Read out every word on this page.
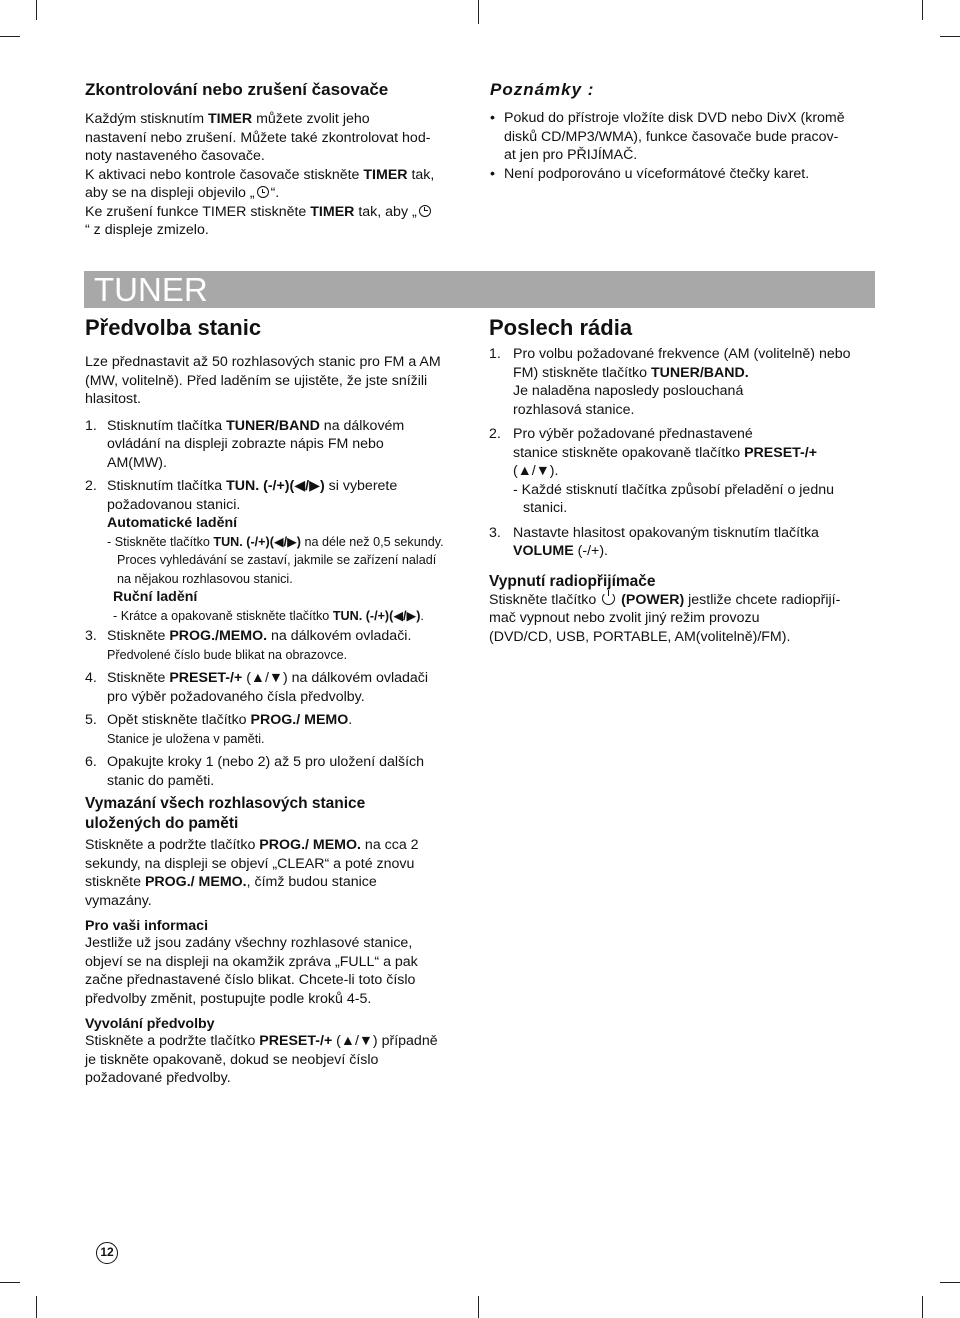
Zkontrolování nebo zrušení časovače

Každým stisknutím TIMER můžete zvolit jeho
nastavení nebo zrušení. Můžete také zkontrolovat hod-
noty nastaveného časovače.
K aktivaci nebo kontrole časovače stiskněte TIMER tak,
aby se na displeji objevilo „ “.
Ke zrušení funkce TIMER stiskněte TIMER tak, aby „
“ z displeje zmizelo.

Poznámky :

• Pokud do přístroje vložíte disk DVD nebo DivX (kromě
disků CD/MP3/WMA), funkce časovače bude pracov-
at jen pro PŘIJÍMAČ.

• Není podporováno u víceformátové čtečky karet.

TUNER

Předvolba stanic

Lze přednastavit až 50 rozhlasových stanic pro FM a AM
(MW, volitelně). Před laděním se ujistěte, že jste snížili
hlasitost.

1. Stisknutím tlačítka TUNER/BAND na dálkovém
ovládání na displeji zobrazte nápis FM nebo
AM(MW).
2. Stisknutím tlačítka TUN. (-/+)(◀/▶) si vyberete
požadovanou stanici.
Automatické ladění
- Stiskněte tlačítko TUN. (-/+)(◀/▶) na déle než 0,5 sekundy.
Proces vyhledávání se zastaví, jakmile se zařízení naladí
na nějakou rozhlasovou stanici.
Ruční ladění
- Krátce a opakovaně stiskněte tlačítko TUN. (-/+)(◀/▶).
3. Stiskněte PROG./MEMO. na dálkovém ovladači.
Předvolené číslo bude blikat na obrazovce.
4. Stiskněte PRESET-/+ (▲/▼) na dálkovém ovladači
pro výběr požadovaného čísla předvolby.
5. Opět stiskněte tlačítko PROG./ MEMO.
Stanice je uložena v paměti.
6. Opakujte kroky 1 (nebo 2) až 5 pro uložení dalších
stanic do paměti.

Vymazání všech rozhlasových stanice
uložených do paměti

Stiskněte a podržte tlačítko PROG./ MEMO. na cca 2
sekundy, na displeji se objeví „CLEAR“ a poté znovu
stiskněte PROG./ MEMO., čímž budou stanice
vymazány.

Pro vaši informaci

Jestliže už jsou zadány všechny rozhlasové stanice,
objeví se na displeji na okamžik zpráva „FULL“ a pak
začne přednastavené číslo blikat. Chcete-li toto číslo
předvolby změnit, postupujte podle kroků 4-5.

Vyvolání předvolby

Stiskněte a podržte tlačítko PRESET-/+ (▲/▼) případně
je tiskněte opakovaně, dokud se neobjeví číslo
požadované předvolby.

Poslech rádia

1. Pro volbu požadované frekvence (AM (volitelně) nebo
FM) stiskněte tlačítko TUNER/BAND.
Je naladěna naposledy poslouchaná
rozhlasová stanice.
2. Pro výběr požadované přednastavené
stanice stiskněte opakovaně tlačítko PRESET-/+
(▲/▼).
- Každé stisknutí tlačítka způsobí přeladění o jednu
stanici.
3. Nastavte hlasitost opakovaným tisknutím tlačítka
VOLUME (-/+).

Vypnutí radiopřijímače

Stiskněte tlačítko  (POWER) jestliže chcete radiopřijí-
mač vypnout nebo zvolit jiný režim provozu
(DVD/CD, USB, PORTABLE, AM(volitelně)/FM).

12
